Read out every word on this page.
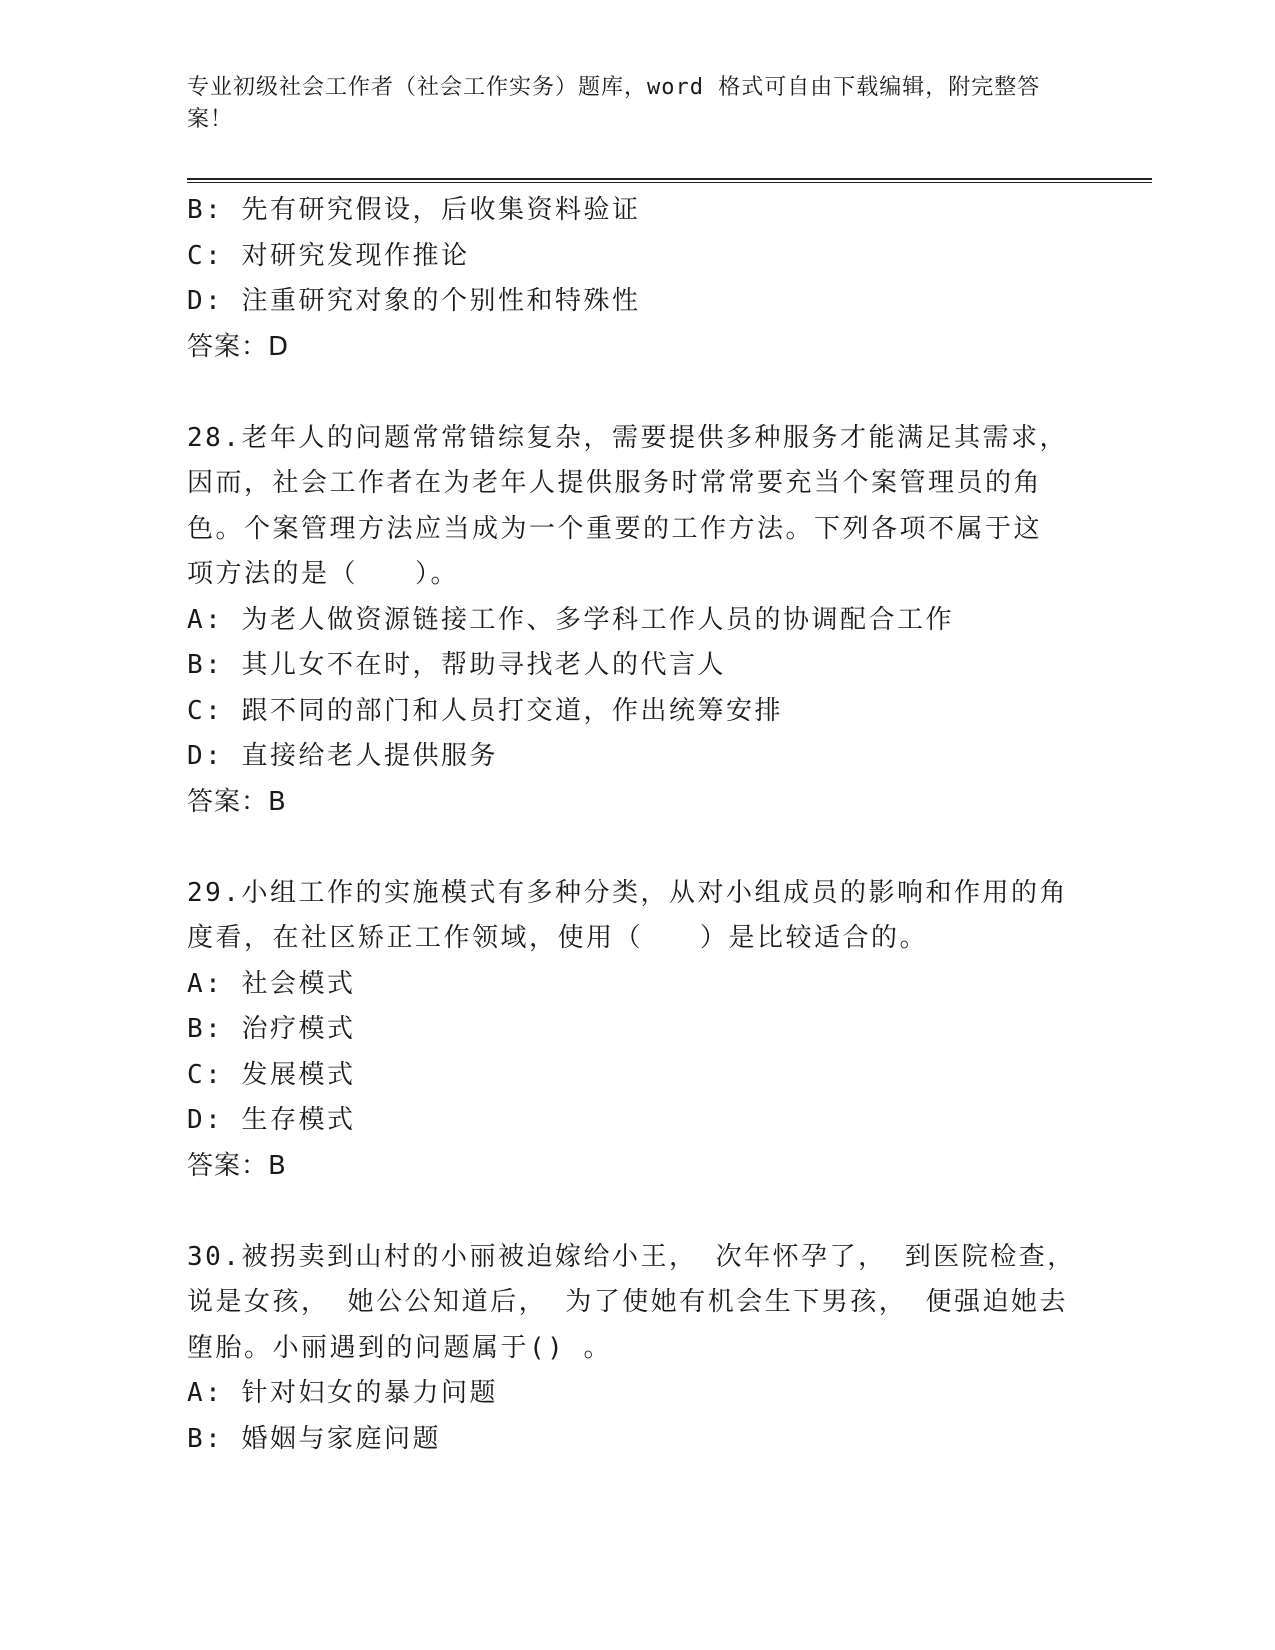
专业初级社会工作者（社会工作实务）题库，word 格式可自由下载编辑，附完整答案！
B: 先有研究假设，后收集资料验证
C: 对研究发现作推论
D: 注重研究对象的个别性和特殊性
答案：D
28.老年人的问题常常错综复杂，需要提供多种服务才能满足其需求，
因而，社会工作者在为老年人提供服务时常常要充当个案管理员的角
色。个案管理方法应当成为一个重要的工作方法。下列各项不属于这
项方法的是（　　）。
A: 为老人做资源链接工作、多学科工作人员的协调配合工作
B: 其儿女不在时，帮助寻找老人的代言人
C: 跟不同的部门和人员打交道，作出统筹安排
D: 直接给老人提供服务
答案：B
29.小组工作的实施模式有多种分类，从对小组成员的影响和作用的角
度看，在社区矫正工作领域，使用（　　）是比较适合的。
A: 社会模式
B: 治疗模式
C: 发展模式
D: 生存模式
答案：B
30.被拐卖到山村的小丽被迫嫁给小王， 次年怀孕了， 到医院检查，
说是女孩， 她公公知道后， 为了使她有机会生下男孩， 便强迫她去
堕胎。小丽遇到的问题属于() 。
A: 针对妇女的暴力问题
B: 婚姻与家庭问题
